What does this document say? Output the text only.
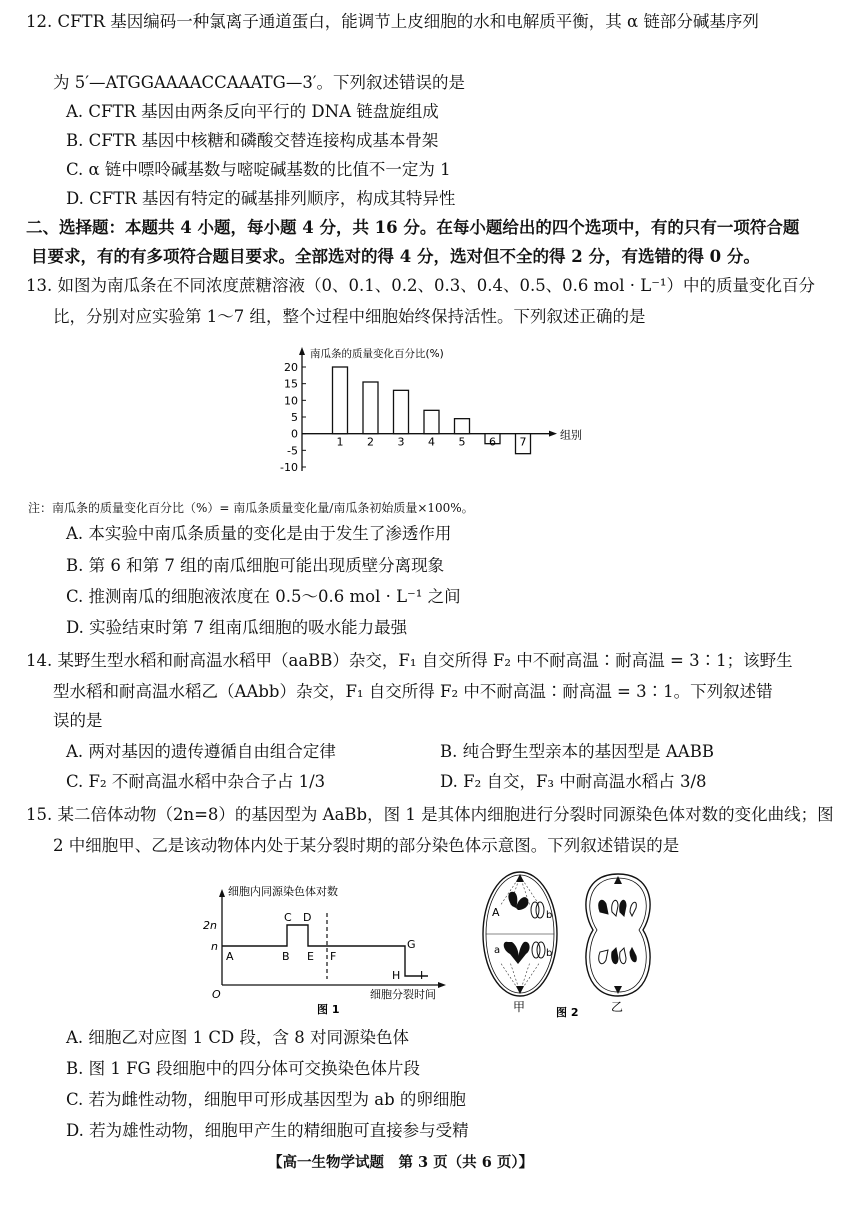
12. CFTR 基因编码一种氯离子通道蛋白，能调节上皮细胞的水和电解质平衡，其 α 链部分碱基序列
为 5′—ATGGAAAACCAAATG—3′。下列叙述错误的是
A. CFTR 基因由两条反向平行的 DNA 链盘旋组成
B. CFTR 基因中核糖和磷酸交替连接构成基本骨架
C. α 链中嘌呤碱基数与嘧啶碱基数的比值不一定为 1
D. CFTR 基因有特定的碱基排列顺序，构成其特异性
二、选择题：本题共 4 小题，每小题 4 分，共 16 分。在每小题给出的四个选项中，有的只有一项符合题
目要求，有的有多项符合题目要求。全部选对的得 4 分，选对但不全的得 2 分，有选错的得 0 分。
13. 如图为南瓜条在不同浓度蔗糖溶液（0、0.1、0.2、0.3、0.4、0.5、0.6 mol · L⁻¹）中的质量变化百分
比，分别对应实验第 1～7 组，整个过程中细胞始终保持活性。下列叙述正确的是
南瓜条的质量变化百分比(%)
20
15
10
5
0
-5
-10
1 2 3 4 5 6 7
组别
注：南瓜条的质量变化百分比（%）= 南瓜条质量变化量/南瓜条初始质量×100%。
A. 本实验中南瓜条质量的变化是由于发生了渗透作用
B. 第 6 和第 7 组的南瓜细胞可能出现质壁分离现象
C. 推测南瓜的细胞液浓度在 0.5～0.6 mol · L⁻¹ 之间
D. 实验结束时第 7 组南瓜细胞的吸水能力最强
14. 某野生型水稻和耐高温水稻甲（aaBB）杂交，F₁ 自交所得 F₂ 中不耐高温∶耐高温 = 3∶1；该野生
型水稻和耐高温水稻乙（AAbb）杂交，F₁ 自交所得 F₂ 中不耐高温∶耐高温 = 3∶1。下列叙述错
误的是
A. 两对基因的遗传遵循自由组合定律	B. 纯合野生型亲本的基因型是 AABB
C. F₂ 不耐高温水稻中杂合子占 1/3	D. F₂ 自交，F₃ 中耐高温水稻占 3/8
15. 某二倍体动物（2n=8）的基因型为 AaBb，图 1 是其体内细胞进行分裂时同源染色体对数的变化曲线；图
2 中细胞甲、乙是该动物体内处于某分裂时期的部分染色体示意图。下列叙述错误的是
细胞内同源染色体对数
2n
n
O
A	B
C D
E F
G
H I
细胞分裂时间
图 1
A	b
a	b
甲	乙
图 2
A. 细胞乙对应图 1 CD 段，含 8 对同源染色体
B. 图 1 FG 段细胞中的四分体可交换染色体片段
C. 若为雌性动物，细胞甲可形成基因型为 ab 的卵细胞
D. 若为雄性动物，细胞甲产生的精细胞可直接参与受精
【高一生物学试题　第 3 页（共 6 页）】
